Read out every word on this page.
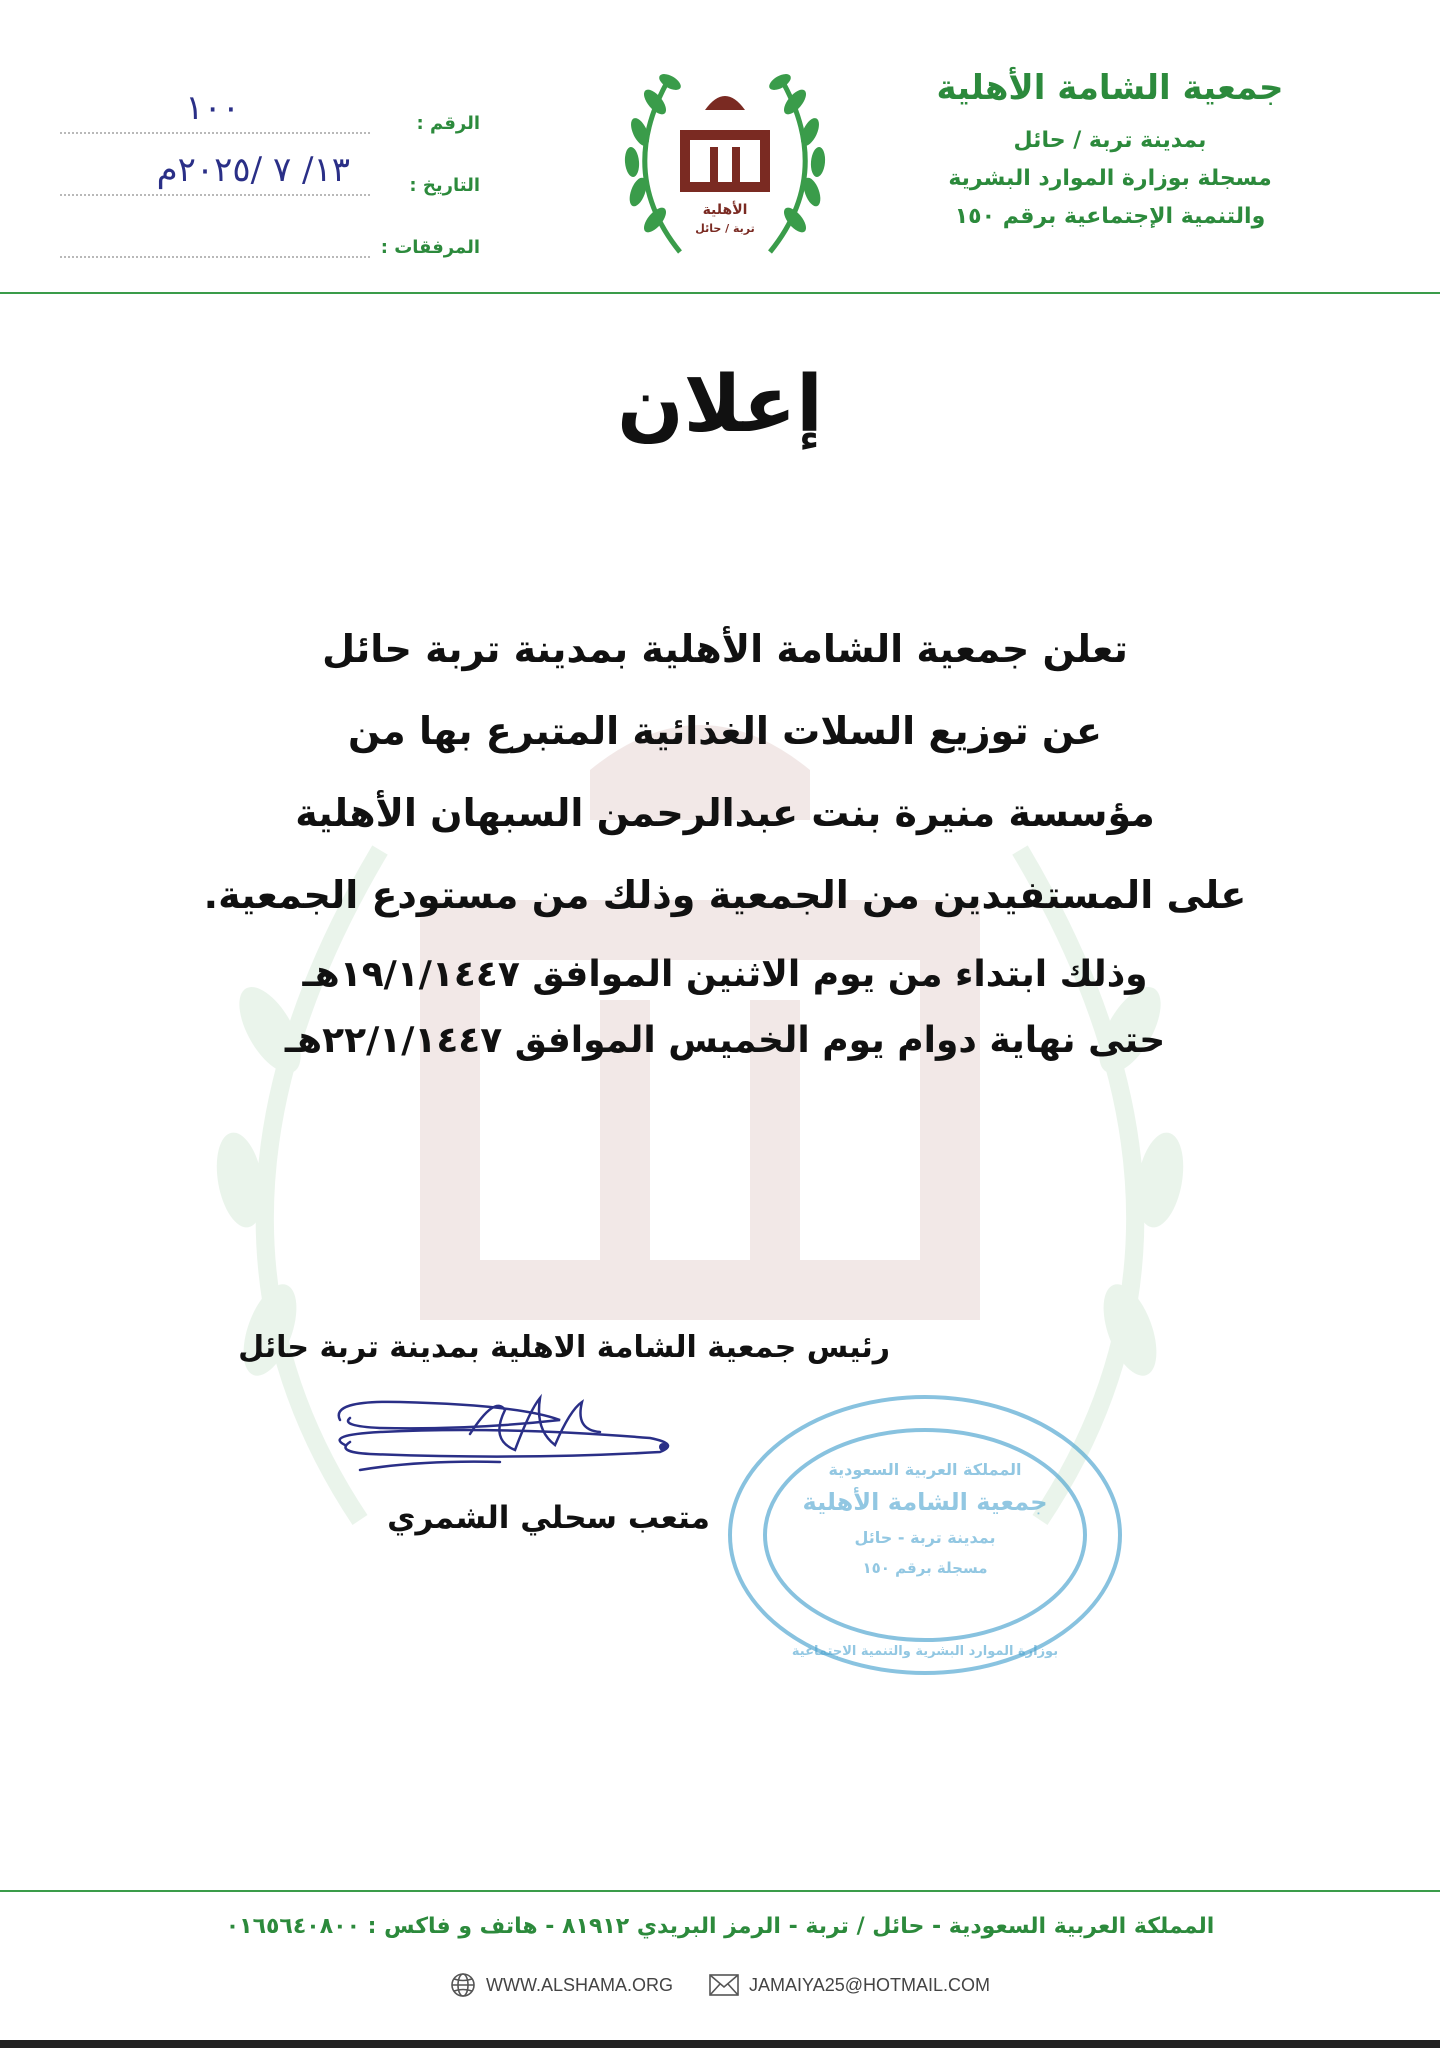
جمعية الشامة الأهلية
بمدينة تربة / حائل
مسجلة بوزارة الموارد البشرية
والتنمية الإجتماعية برقم ١٥٠
الأهلية
تربة / حائل
الرقم :
١٠٠
التاريخ :
١٣/ ٧ /٢٠٢٥م
المرفقات :
إعلان
تعلن جمعية الشامة الأهلية بمدينة تربة حائل
عن توزيع السلات الغذائية المتبرع بها من
مؤسسة منيرة بنت عبدالرحمن السبهان الأهلية
على المستفيدين من الجمعية وذلك من مستودع الجمعية.
وذلك ابتداء من يوم الاثنين الموافق ١٩/١/١٤٤٧هـ
حتى نهاية دوام يوم الخميس الموافق ٢٢/١/١٤٤٧هـ
رئيس جمعية الشامة الاهلية بمدينة تربة حائل
المملكة العربية السعودية
جمعية الشامة الأهلية
بمدينة تربة - حائل
مسجلة برقم ١٥٠
بوزارة الموارد البشرية والتنمية الاجتماعية
متعب سحلي الشمري
المملكة العربية السعودية - حائل / تربة - الرمز البريدي ٨١٩١٢ - هاتف و فاكس : ٠١٦٥٦٤٠٨٠٠
WWW.ALSHAMA.ORG	JAMAIYA25@HOTMAIL.COM
